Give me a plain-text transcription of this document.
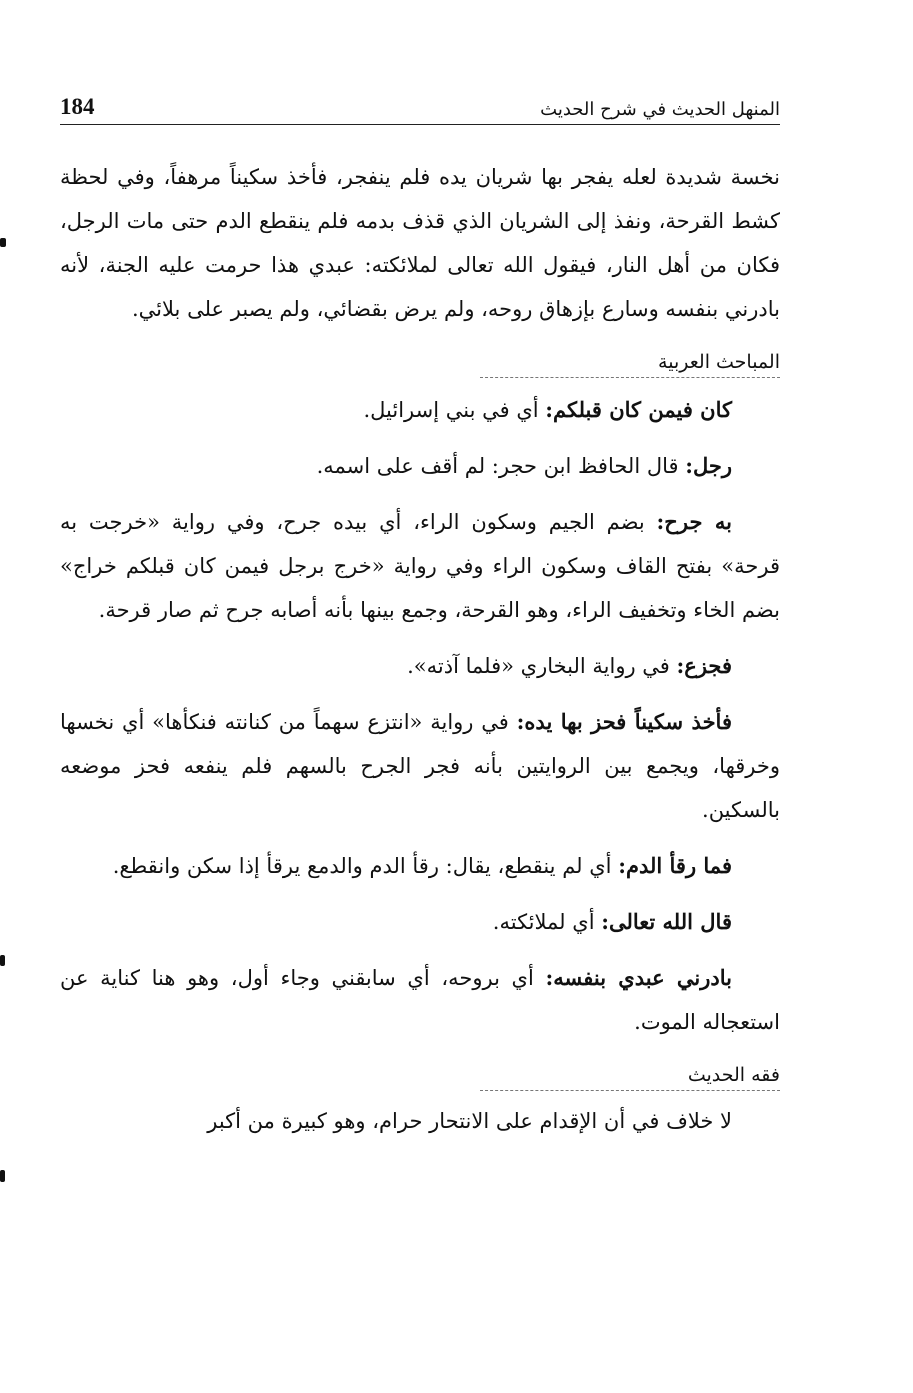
المنهل الحديث في شرح الحديث
184

نخسة شديدة لعله يفجر بها شريان يده فلم ينفجر، فأخذ سكيناً مرهفاً، وفي لحظة كشط القرحة، ونفذ إلى الشريان الذي قذف بدمه فلم ينقطع الدم حتى مات الرجل، فكان من أهل النار، فيقول الله تعالى لملائكته: عبدي هذا حرمت عليه الجنة، لأنه بادرني بنفسه وسارع بإزهاق روحه، ولم يرض بقضائي، ولم يصبر على بلائي.

المباحث العربية

كان فيمن كان قبلكم: أي في بني إسرائيل.

رجل: قال الحافظ ابن حجر: لم أقف على اسمه.

به جرح: بضم الجيم وسكون الراء، أي بيده جرح، وفي رواية «خرجت به قرحة» بفتح القاف وسكون الراء وفي رواية «خرج برجل فيمن كان قبلكم خراج» بضم الخاء وتخفيف الراء، وهو القرحة، وجمع بينها بأنه أصابه جرح ثم صار قرحة.

فجزع: في رواية البخاري «فلما آذته».

فأخذ سكيناً فحز بها يده: في رواية «انتزع سهماً من كنانته فنكأها» أي نخسها وخرقها، ويجمع بين الروايتين بأنه فجر الجرح بالسهم فلم ينفعه فحز موضعه بالسكين.

فما رقأ الدم: أي لم ينقطع، يقال: رقأ الدم والدمع يرقأ إذا سكن وانقطع.

قال الله تعالى: أي لملائكته.

بادرني عبدي بنفسه: أي بروحه، أي سابقني وجاء أول، وهو هنا كناية عن استعجاله الموت.

فقه الحديث

لا خلاف في أن الإقدام على الانتحار حرام، وهو كبيرة من أكبر
